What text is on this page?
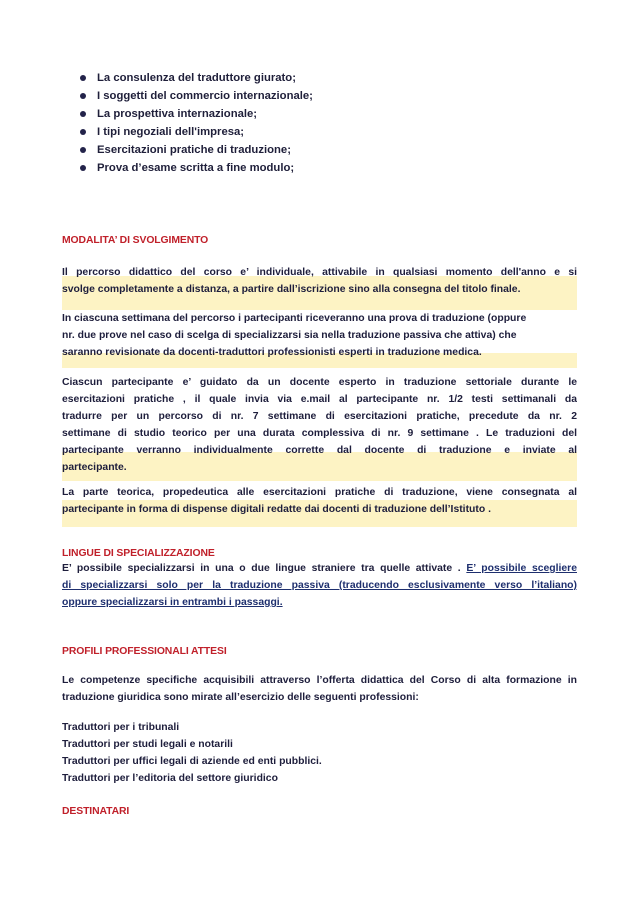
La consulenza del traduttore giurato;
I soggetti del commercio internazionale;
La prospettiva internazionale;
I tipi negoziali dell'impresa;
Esercitazioni pratiche di traduzione;
Prova d’esame scritta a fine modulo;
MODALITA’ DI SVOLGIMENTO
Il percorso didattico del corso e’ individuale, attivabile in qualsiasi momento dell'anno e si
svolge completamente a distanza, a partire dall’iscrizione sino alla consegna del titolo finale.
In ciascuna settimana del percorso i partecipanti riceveranno una prova di traduzione (oppure
nr. due prove nel caso di scelga di specializzarsi sia nella traduzione passiva che attiva) che
saranno revisionate da docenti-traduttori professionisti esperti in traduzione medica.
Ciascun partecipante e’ guidato da un docente esperto in traduzione settoriale durante le
esercitazioni pratiche , il quale invia via e.mail al partecipante nr. 1/2 testi settimanali da
tradurre per un percorso di nr. 7 settimane di esercitazioni pratiche, precedute da nr. 2
settimane di studio teorico per una durata complessiva di nr. 9 settimane . Le traduzioni del
partecipante verranno individualmente corrette dal docente di traduzione e inviate al
partecipante.
La parte teorica, propedeutica alle esercitazioni pratiche di traduzione, viene consegnata al
partecipante in forma di dispense digitali redatte dai docenti di traduzione dell’Istituto .
LINGUE DI SPECIALIZZAZIONE
E’ possibile specializzarsi in una o due lingue straniere tra quelle attivate . E’ possibile scegliere
di specializzarsi solo per la traduzione passiva (traducendo esclusivamente verso l’italiano)
oppure specializzarsi in entrambi i passaggi.
PROFILI PROFESSIONALI ATTESI
Le competenze specifiche acquisibili attraverso l’offerta didattica del Corso di alta formazione in
traduzione giuridica sono mirate all’esercizio delle seguenti professioni:
Traduttori per i tribunali
Traduttori per studi legali e notarili
Traduttori per uffici legali di aziende ed enti pubblici.
Traduttori per l’editoria del settore giuridico
DESTINATARI
